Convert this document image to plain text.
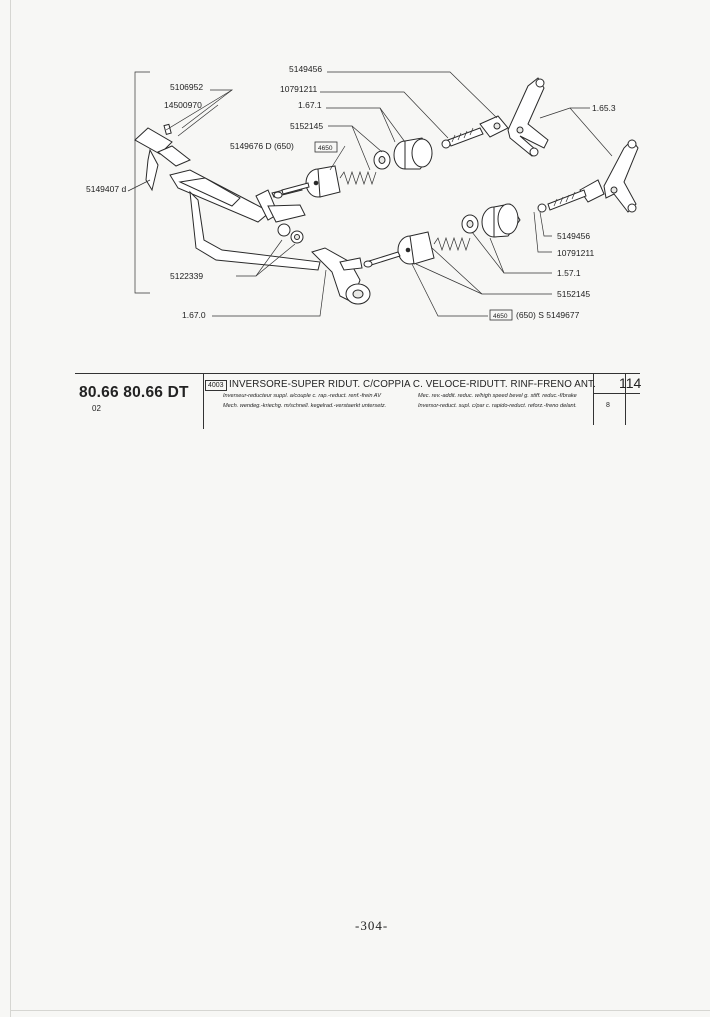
5149456
10791211
1.67.1
5152145
5149676 D (650)	4650
5106952
14500970
5149407 d
1.65.3
5149456
10791211
1.57.1
5152145
5122339
1.67.0	4650 (650) S 5149677
80.66 80.66 DT
02
4003 INVERSORE-SUPER RIDUT. C/COPPIA C. VELOCE-RIDUTT. RINF-FRENO ANT.
Inverseur-reducteur suppl. a/couple c. rap.-reduct. renf.-frein AV
Mech. wendeg.-kriechg. m/schnell. kegelrad.-verstaerkt untersetz.
Mec. rev.-addit. reduc. w/high speed bevel g. stiff. reduc.-f/brake
Inversor-reduct. supl. c/par c. rapido-reduct. reforz.-freno delant.
114
8
-304-
